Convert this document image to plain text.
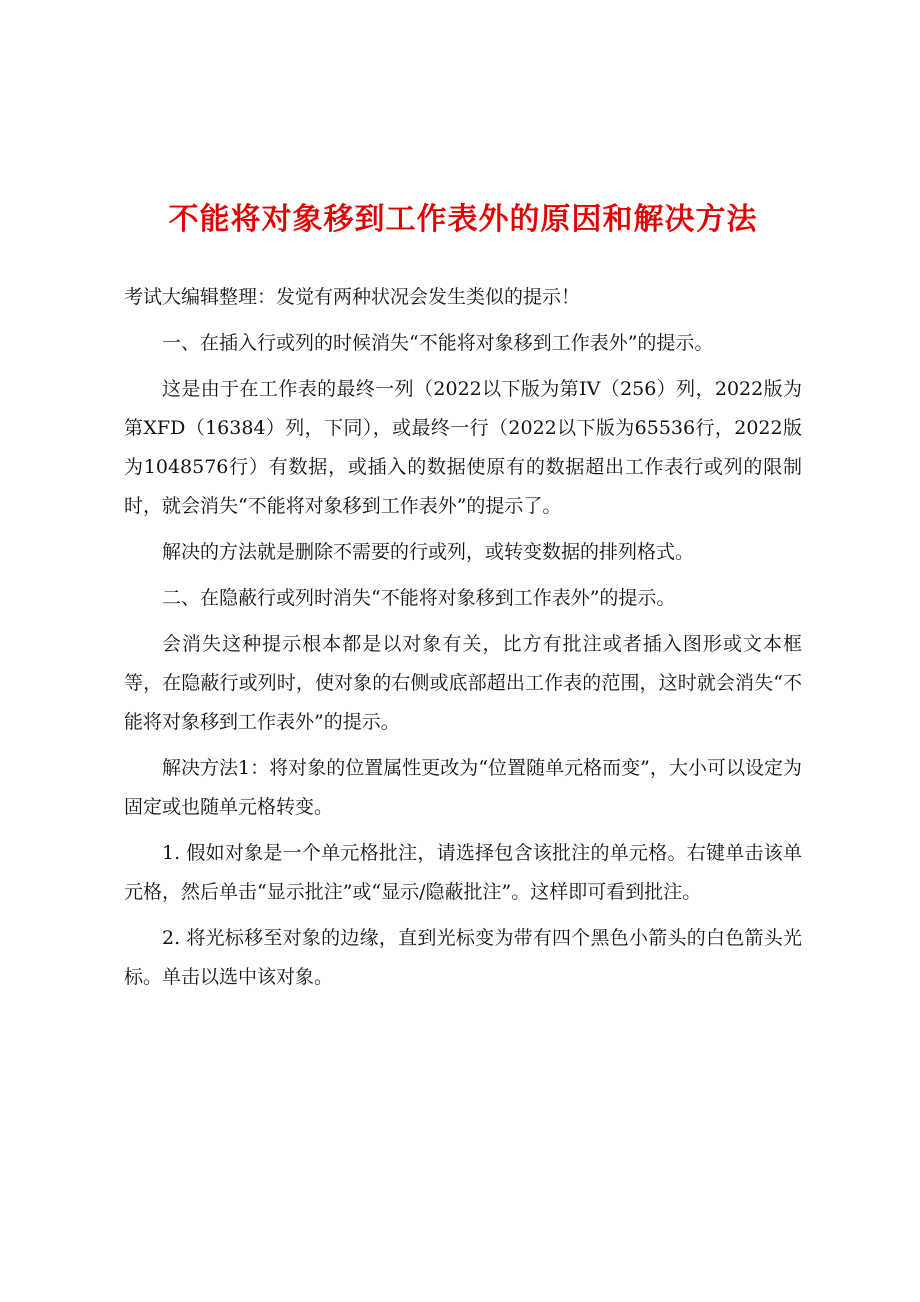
不能将对象移到工作表外的原因和解决方法

考试大编辑整理：发觉有两种状况会发生类似的提示！

一、在插入行或列的时候消失“不能将对象移到工作表外”的提示。

这是由于在工作表的最终一列（2022以下版为第IV（256）列，2022版为第XFD（16384）列，下同），或最终一行（2022以下版为65536行，2022版为1048576行）有数据，或插入的数据使原有的数据超出工作表行或列的限制时，就会消失“不能将对象移到工作表外”的提示了。

解决的方法就是删除不需要的行或列，或转变数据的排列格式。

二、在隐蔽行或列时消失“不能将对象移到工作表外”的提示。

会消失这种提示根本都是以对象有关，比方有批注或者插入图形或文本框等，在隐蔽行或列时，使对象的右侧或底部超出工作表的范围，这时就会消失“不能将对象移到工作表外”的提示。

解决方法1：将对象的位置属性更改为“位置随单元格而变”，大小可以设定为固定或也随单元格转变。

1. 假如对象是一个单元格批注，请选择包含该批注的单元格。右键单击该单元格，然后单击“显示批注”或“显示/隐蔽批注”。这样即可看到批注。

2. 将光标移至对象的边缘，直到光标变为带有四个黑色小箭头的白色箭头光标。单击以选中该对象。
